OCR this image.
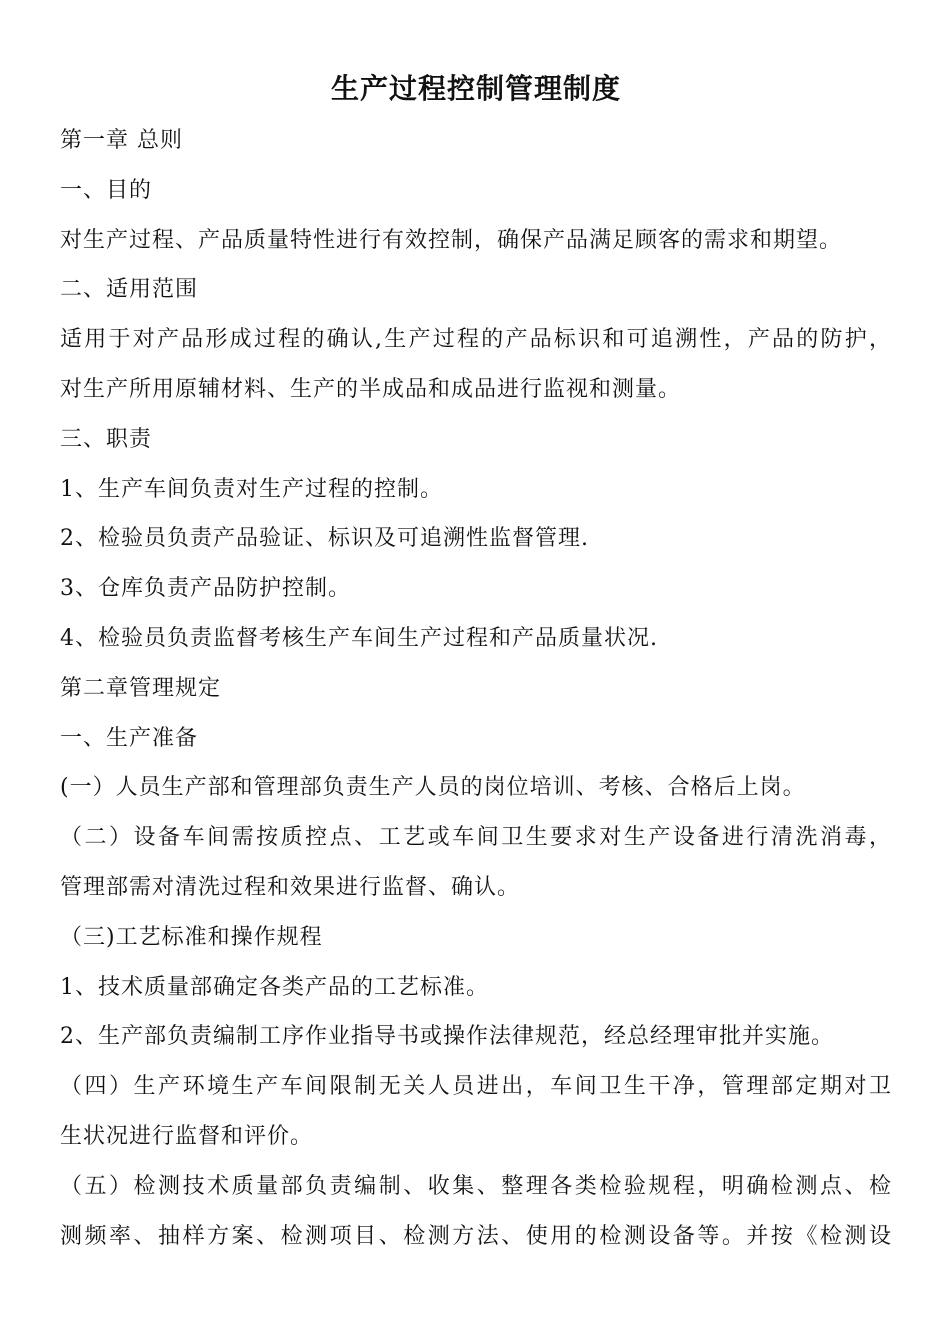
生产过程控制管理制度

第一章 总则

一、目的

对生产过程、产品质量特性进行有效控制，确保产品满足顾客的需求和期望。

二、适用范围

适用于对产品形成过程的确认,生产过程的产品标识和可追溯性，产品的防护，

对生产所用原辅材料、生产的半成品和成品进行监视和测量。

三、职责

1、生产车间负责对生产过程的控制。

2、检验员负责产品验证、标识及可追溯性监督管理.

3、仓库负责产品防护控制。

4、检验员负责监督考核生产车间生产过程和产品质量状况.

第二章管理规定

一、生产准备

(一）人员生产部和管理部负责生产人员的岗位培训、考核、合格后上岗。

（二）设备车间需按质控点、工艺或车间卫生要求对生产设备进行清洗消毒，

管理部需对清洗过程和效果进行监督、确认。

（三)工艺标准和操作规程

1、技术质量部确定各类产品的工艺标准。

2、生产部负责编制工序作业指导书或操作法律规范，经总经理审批并实施。

（四）生产环境生产车间限制无关人员进出，车间卫生干净，管理部定期对卫

生状况进行监督和评价。

（五）检测技术质量部负责编制、收集、整理各类检验规程，明确检测点、检

测频率、抽样方案、检测项目、检测方法、使用的检测设备等。并按《检测设
